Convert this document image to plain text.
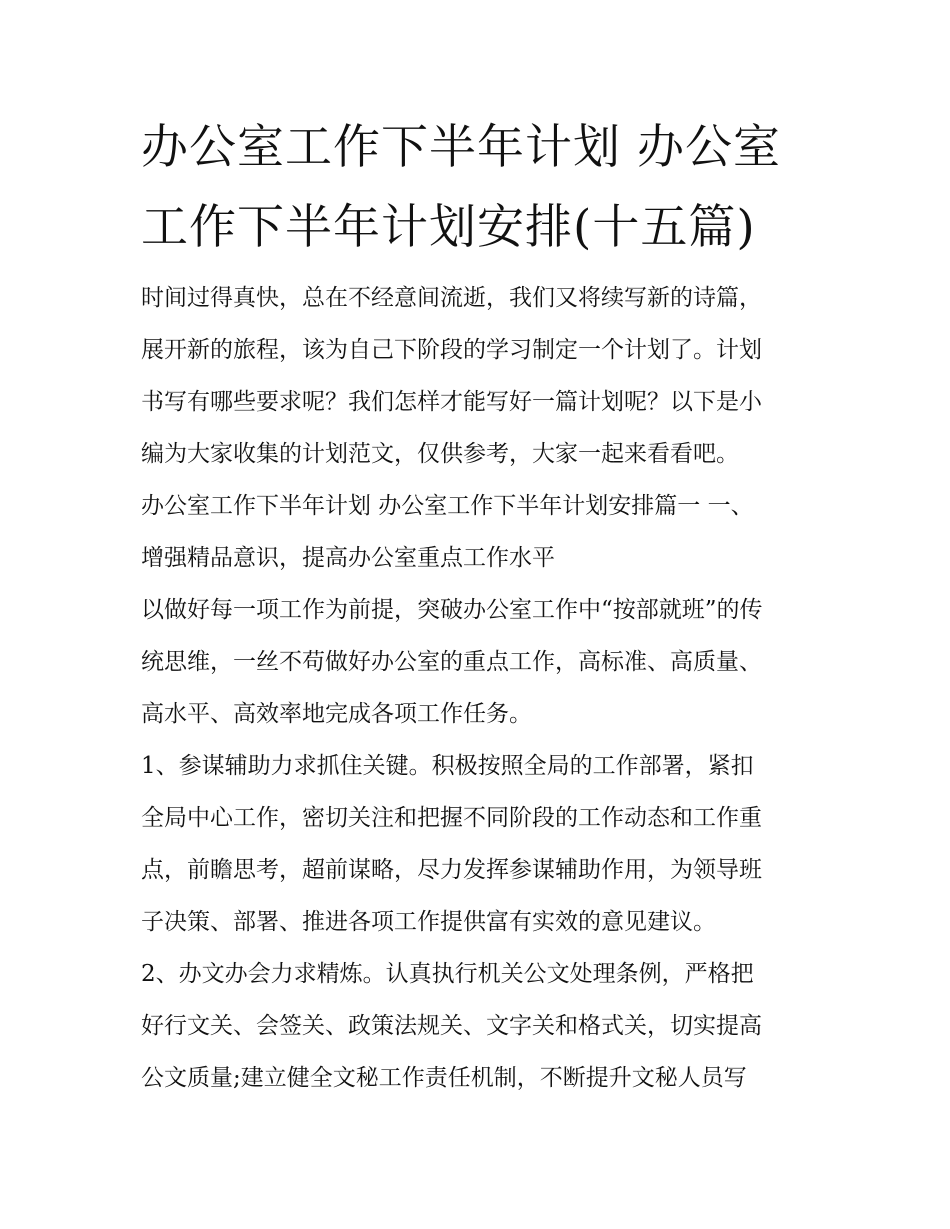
办公室工作下半年计划 办公室
工作下半年计划安排(十五篇)

时间过得真快，总在不经意间流逝，我们又将续写新的诗篇，
展开新的旅程，该为自己下阶段的学习制定一个计划了。计划
书写有哪些要求呢？我们怎样才能写好一篇计划呢？以下是小
编为大家收集的计划范文，仅供参考，大家一起来看看吧。

办公室工作下半年计划 办公室工作下半年计划安排篇一 一、
增强精品意识，提高办公室重点工作水平

以做好每一项工作为前提，突破办公室工作中“按部就班”的传
统思维，一丝不苟做好办公室的重点工作，高标准、高质量、
高水平、高效率地完成各项工作任务。

1、参谋辅助力求抓住关键。积极按照全局的工作部署，紧扣
全局中心工作，密切关注和把握不同阶段的工作动态和工作重
点，前瞻思考，超前谋略，尽力发挥参谋辅助作用，为领导班
子决策、部署、推进各项工作提供富有实效的意见建议。

2、办文办会力求精炼。认真执行机关公文处理条例，严格把
好行文关、会签关、政策法规关、文字关和格式关，切实提高
公文质量;建立健全文秘工作责任机制，不断提升文秘人员写
